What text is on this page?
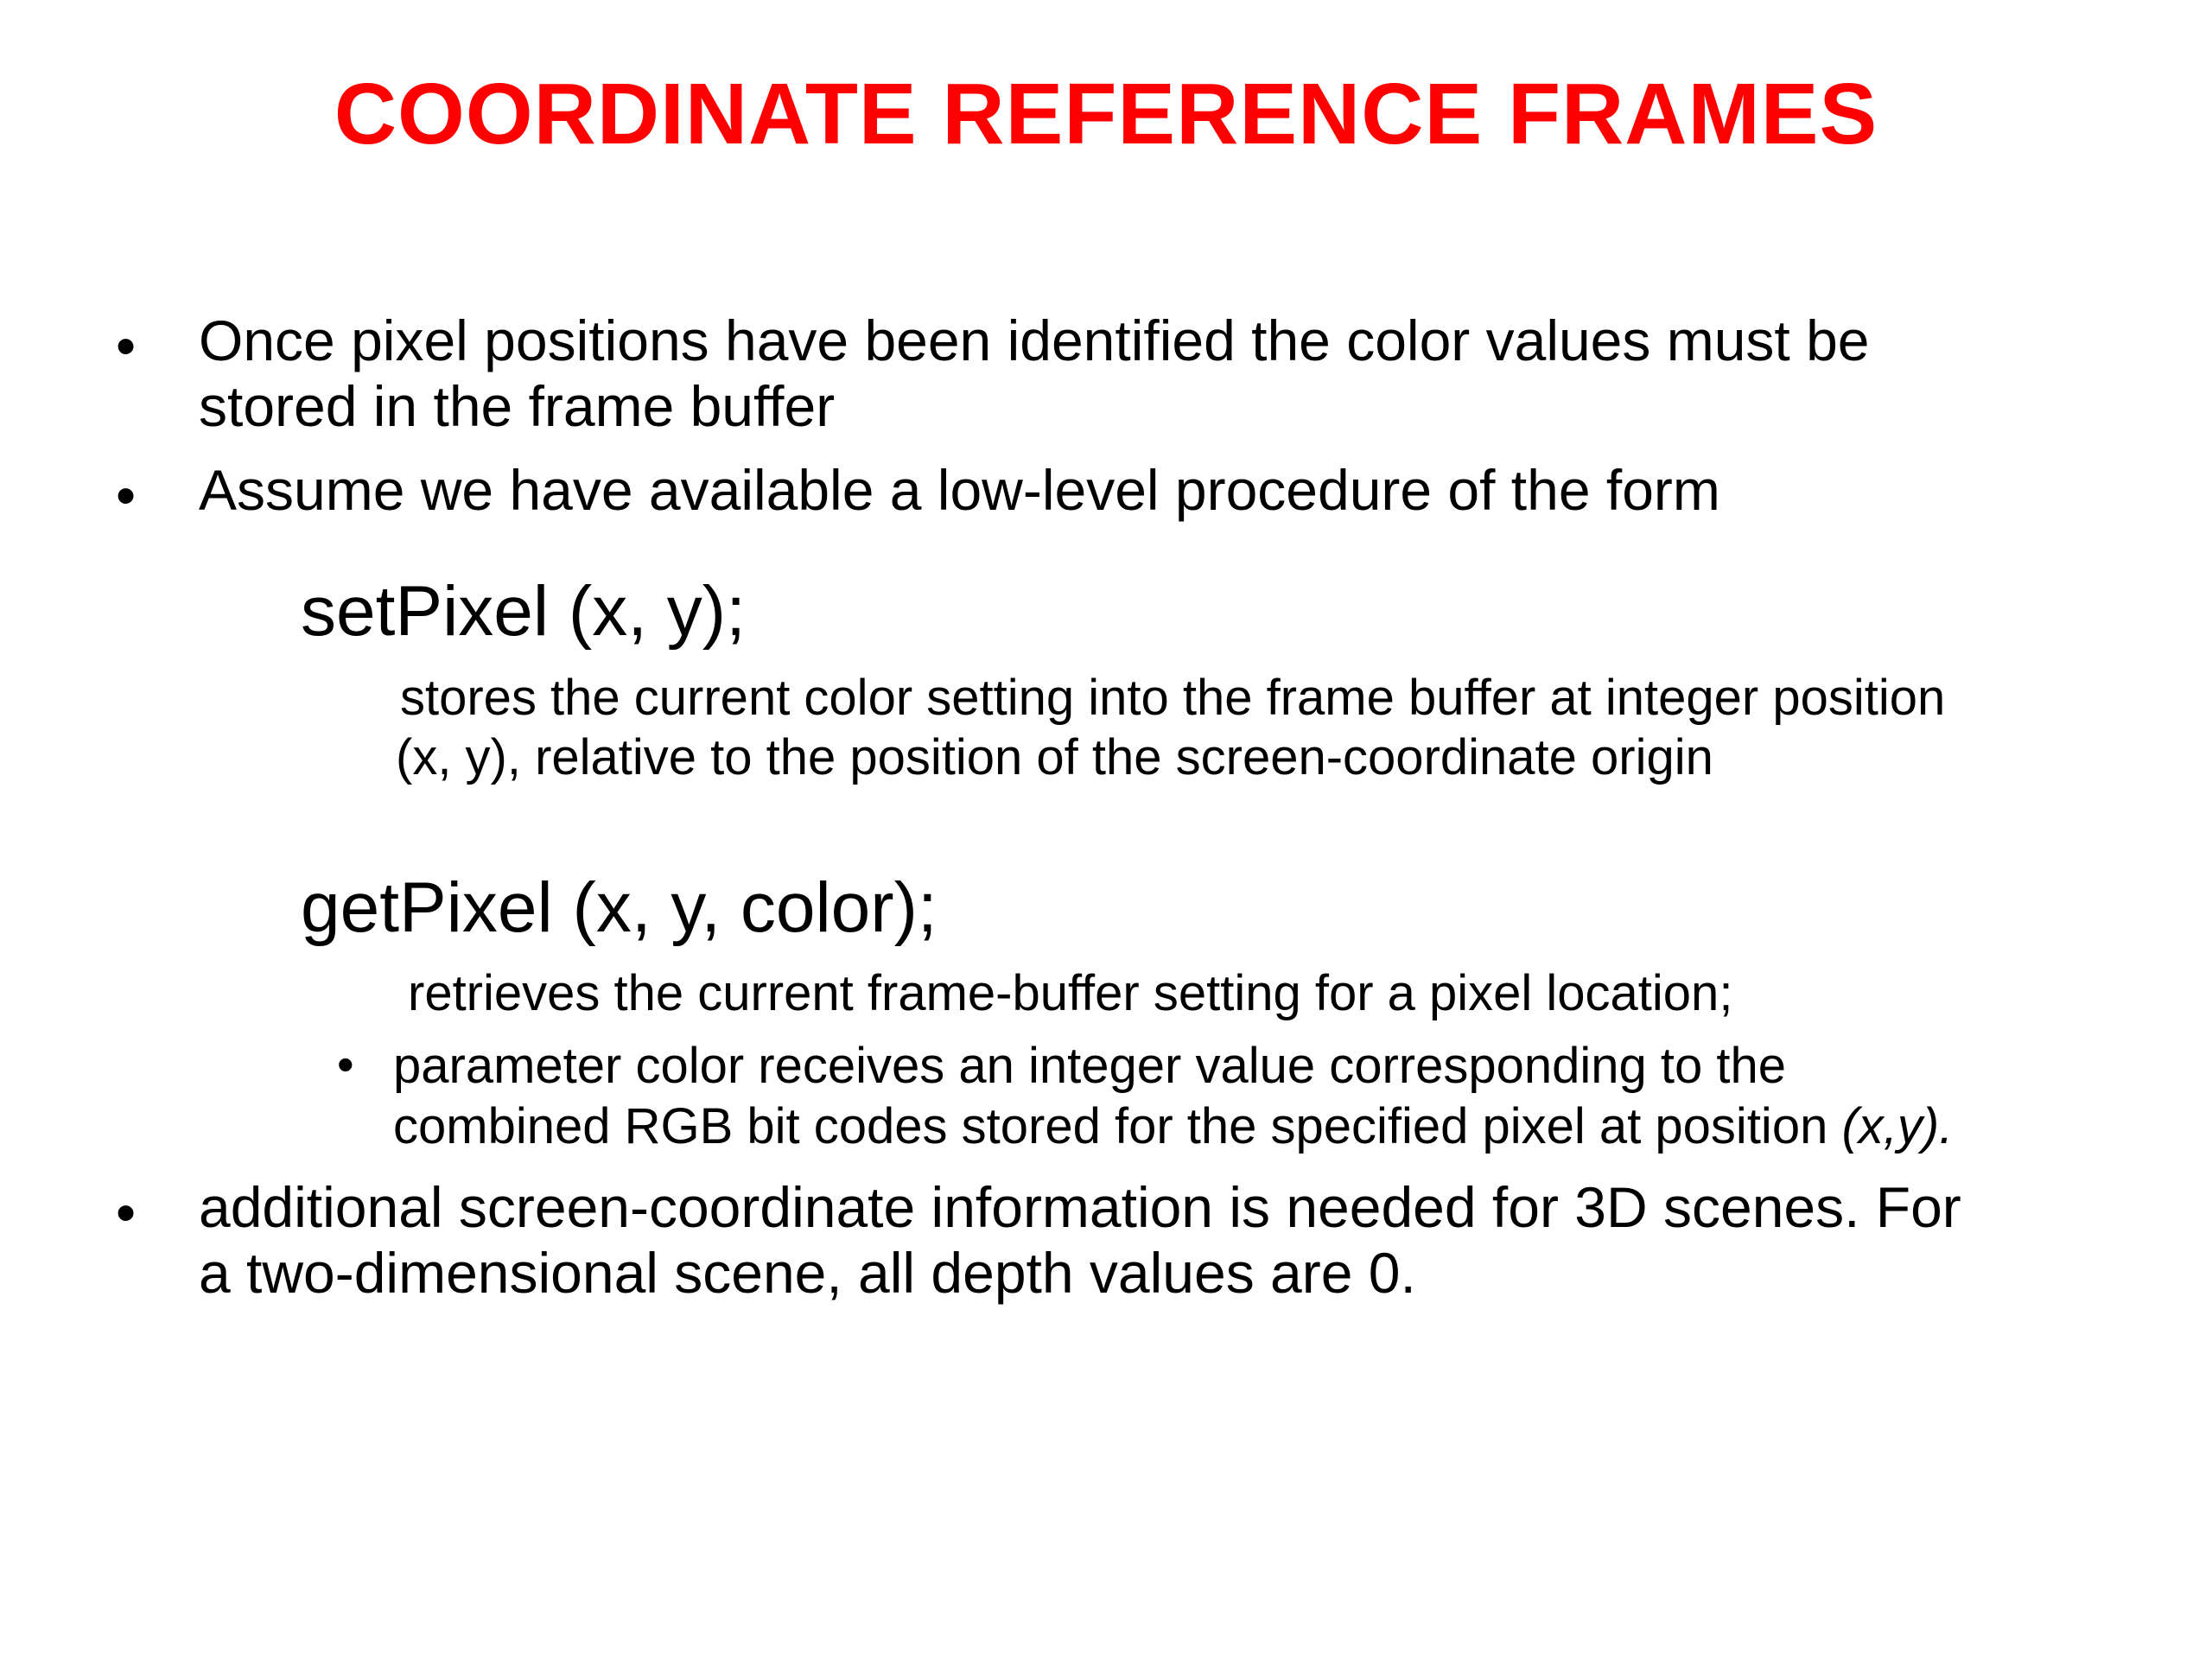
COORDINATE REFERENCE FRAMES
• Once pixel positions have been identified the color values must be
stored in the frame buffer
• Assume we have available a low-level procedure of the form
setPixel (x, y);
stores the current color setting into the frame buffer at integer position
(x, y), relative to the position of the screen-coordinate origin
getPixel (x, y, color);
retrieves the current frame-buffer setting for a pixel location;
• parameter color receives an integer value corresponding to the
combined RGB bit codes stored for the specified pixel at position (x,y).
• additional screen-coordinate information is needed for 3D scenes. For
a two-dimensional scene, all depth values are 0.
